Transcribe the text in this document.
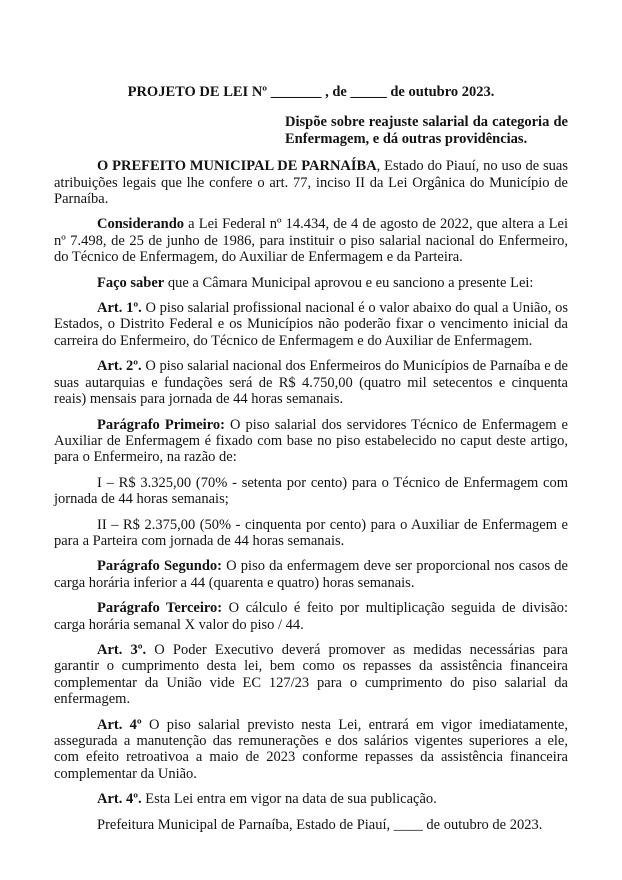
PROJETO DE LEI Nº _______ , de _____ de outubro 2023.

Dispõe sobre reajuste salarial da categoria de Enfermagem, e dá outras providências.

O PREFEITO MUNICIPAL DE PARNAÍBA, Estado do Piauí, no uso de suas atribuições legais que lhe confere o art. 77, inciso II da Lei Orgânica do Município de Parnaíba.

Considerando a Lei Federal nº 14.434, de 4 de agosto de 2022, que altera a Lei nº 7.498, de 25 de junho de 1986, para instituir o piso salarial nacional do Enfermeiro, do Técnico de Enfermagem, do Auxiliar de Enfermagem e da Parteira.

Faço saber que a Câmara Municipal aprovou e eu sanciono a presente Lei:

Art. 1º. O piso salarial profissional nacional é o valor abaixo do qual a União, os Estados, o Distrito Federal e os Municípios não poderão fixar o vencimento inicial da carreira do Enfermeiro, do Técnico de Enfermagem e do Auxiliar de Enfermagem.

Art. 2º. O piso salarial nacional dos Enfermeiros do Municípios de Parnaíba e de suas autarquias e fundações será de R$ 4.750,00 (quatro mil setecentos e cinquenta reais) mensais para jornada de 44 horas semanais.

Parágrafo Primeiro: O piso salarial dos servidores Técnico de Enfermagem e Auxiliar de Enfermagem é fixado com base no piso estabelecido no caput deste artigo, para o Enfermeiro, na razão de:

I – R$ 3.325,00 (70% - setenta por cento) para o Técnico de Enfermagem com jornada de 44 horas semanais;

II – R$ 2.375,00 (50% - cinquenta por cento) para o Auxiliar de Enfermagem e para a Parteira com jornada de 44 horas semanais.

Parágrafo Segundo: O piso da enfermagem deve ser proporcional nos casos de carga horária inferior a 44 (quarenta e quatro) horas semanais.

Parágrafo Terceiro: O cálculo é feito por multiplicação seguida de divisão: carga horária semanal X valor do piso / 44.

Art. 3º. O Poder Executivo deverá promover as medidas necessárias para garantir o cumprimento desta lei, bem como os repasses da assistência financeira complementar da União vide EC 127/23 para o cumprimento do piso salarial da enfermagem.

Art. 4º O piso salarial previsto nesta Lei, entrará em vigor imediatamente, assegurada a manutenção das remunerações e dos salários vigentes superiores a ele, com efeito retroativoa a maio de 2023 conforme repasses da assistência financeira complementar da União.

Art. 4º. Esta Lei entra em vigor na data de sua publicação.

Prefeitura Municipal de Parnaíba, Estado de Piauí, ____ de outubro de 2023.
